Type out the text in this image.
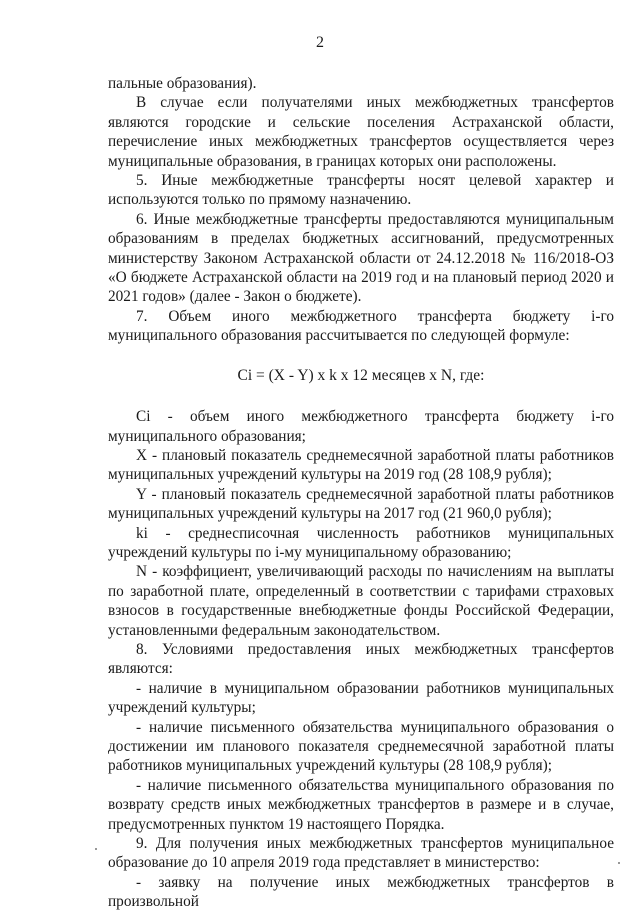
2

пальные образования).

В случае если получателями иных межбюджетных трансфертов являются городские и сельские поселения Астраханской области, перечисление иных межбюджетных трансфертов осуществляется через муниципальные образования, в границах которых они расположены.

5. Иные межбюджетные трансферты носят целевой характер и используются только по прямому назначению.

6. Иные межбюджетные трансферты предоставляются муниципальным образованиям в пределах бюджетных ассигнований, предусмотренных министерству Законом Астраханской области от 24.12.2018 № 116/2018-ОЗ «О бюджете Астраханской области на 2019 год и на плановый период 2020 и 2021 годов» (далее - Закон о бюджете).

7. Объем иного межбюджетного трансферта бюджету i-го муниципального образования рассчитывается по следующей формуле:

Ci = (X - Y) x k x 12 месяцев x N, где:

Ci - объем иного межбюджетного трансферта бюджету i-го муниципального образования;

X - плановый показатель среднемесячной заработной платы работников муниципальных учреждений культуры на 2019 год (28 108,9 рубля);

Y - плановый показатель среднемесячной заработной платы работников муниципальных учреждений культуры на 2017 год (21 960,0 рубля);

ki - среднесписочная численность работников муниципальных учреждений культуры по i-му муниципальному образованию;

N - коэффициент, увеличивающий расходы по начислениям на выплаты по заработной плате, определенный в соответствии с тарифами страховых взносов в государственные внебюджетные фонды Российской Федерации, установленными федеральным законодательством.

8. Условиями предоставления иных межбюджетных трансфертов являются:

- наличие в муниципальном образовании работников муниципальных учреждений культуры;

- наличие письменного обязательства муниципального образования о достижении им планового показателя среднемесячной заработной платы работников муниципальных учреждений культуры (28 108,9 рубля);

- наличие письменного обязательства муниципального образования по возврату средств иных межбюджетных трансфертов в размере и в случае, предусмотренных пунктом 19 настоящего Порядка.

9. Для получения иных межбюджетных трансфертов муниципальное образование до 10 апреля 2019 года представляет в министерство:

- заявку на получение иных межбюджетных трансфертов в произвольной
